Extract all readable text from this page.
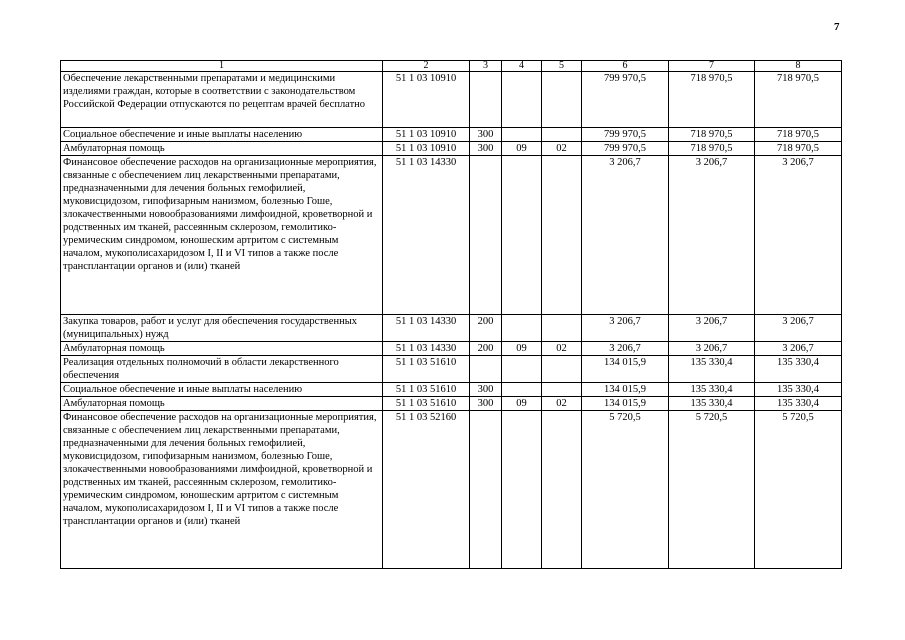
7
1	2	3	4	5	6	7	8
Обеспечение лекарственными препаратами и медицинскими изделиями граждан, которые в соответствии с законодательством Российской Федерации отпускаются по рецептам врачей бесплатно	51 1 03 10910				799 970,5	718 970,5	718 970,5
Социальное обеспечение и иные выплаты населению	51 1 03 10910	300			799 970,5	718 970,5	718 970,5
Амбулаторная помощь	51 1 03 10910	300	09	02	799 970,5	718 970,5	718 970,5
Финансовое обеспечение расходов на организационные мероприятия, связанные с обеспечением лиц лекарственными препаратами, предназначенными для лечения больных гемофилией, муковисцидозом, гипофизарным нанизмом, болезнью Гоше, злокачественными новообразованиями лимфоидной, кроветворной и родственных им тканей, рассеянным склерозом, гемолитико-уремическим синдромом, юношеским артритом с системным началом, мукополисахаридозом I, II и VI типов а также после трансплантации органов и (или) тканей	51 1 03 14330				3 206,7	3 206,7	3 206,7
Закупка товаров, работ и услуг для обеспечения государственных (муниципальных) нужд	51 1 03 14330	200			3 206,7	3 206,7	3 206,7
Амбулаторная помощь	51 1 03 14330	200	09	02	3 206,7	3 206,7	3 206,7
Реализация отдельных полномочий в области лекарственного обеспечения	51 1 03 51610				134 015,9	135 330,4	135 330,4
Социальное обеспечение и иные выплаты населению	51 1 03 51610	300			134 015,9	135 330,4	135 330,4
Амбулаторная помощь	51 1 03 51610	300	09	02	134 015,9	135 330,4	135 330,4
Финансовое обеспечение расходов на организационные мероприятия, связанные с обеспечением лиц лекарственными препаратами, предназначенными для лечения больных гемофилией, муковисцидозом, гипофизарным нанизмом, болезнью Гоше, злокачественными новообразованиями лимфоидной, кроветворной и родственных им тканей, рассеянным склерозом, гемолитико-уремическим синдромом, юношеским артритом с системным началом, мукополисахаридозом I, II и VI типов а также после трансплантации органов и (или) тканей	51 1 03 52160				5 720,5	5 720,5	5 720,5
